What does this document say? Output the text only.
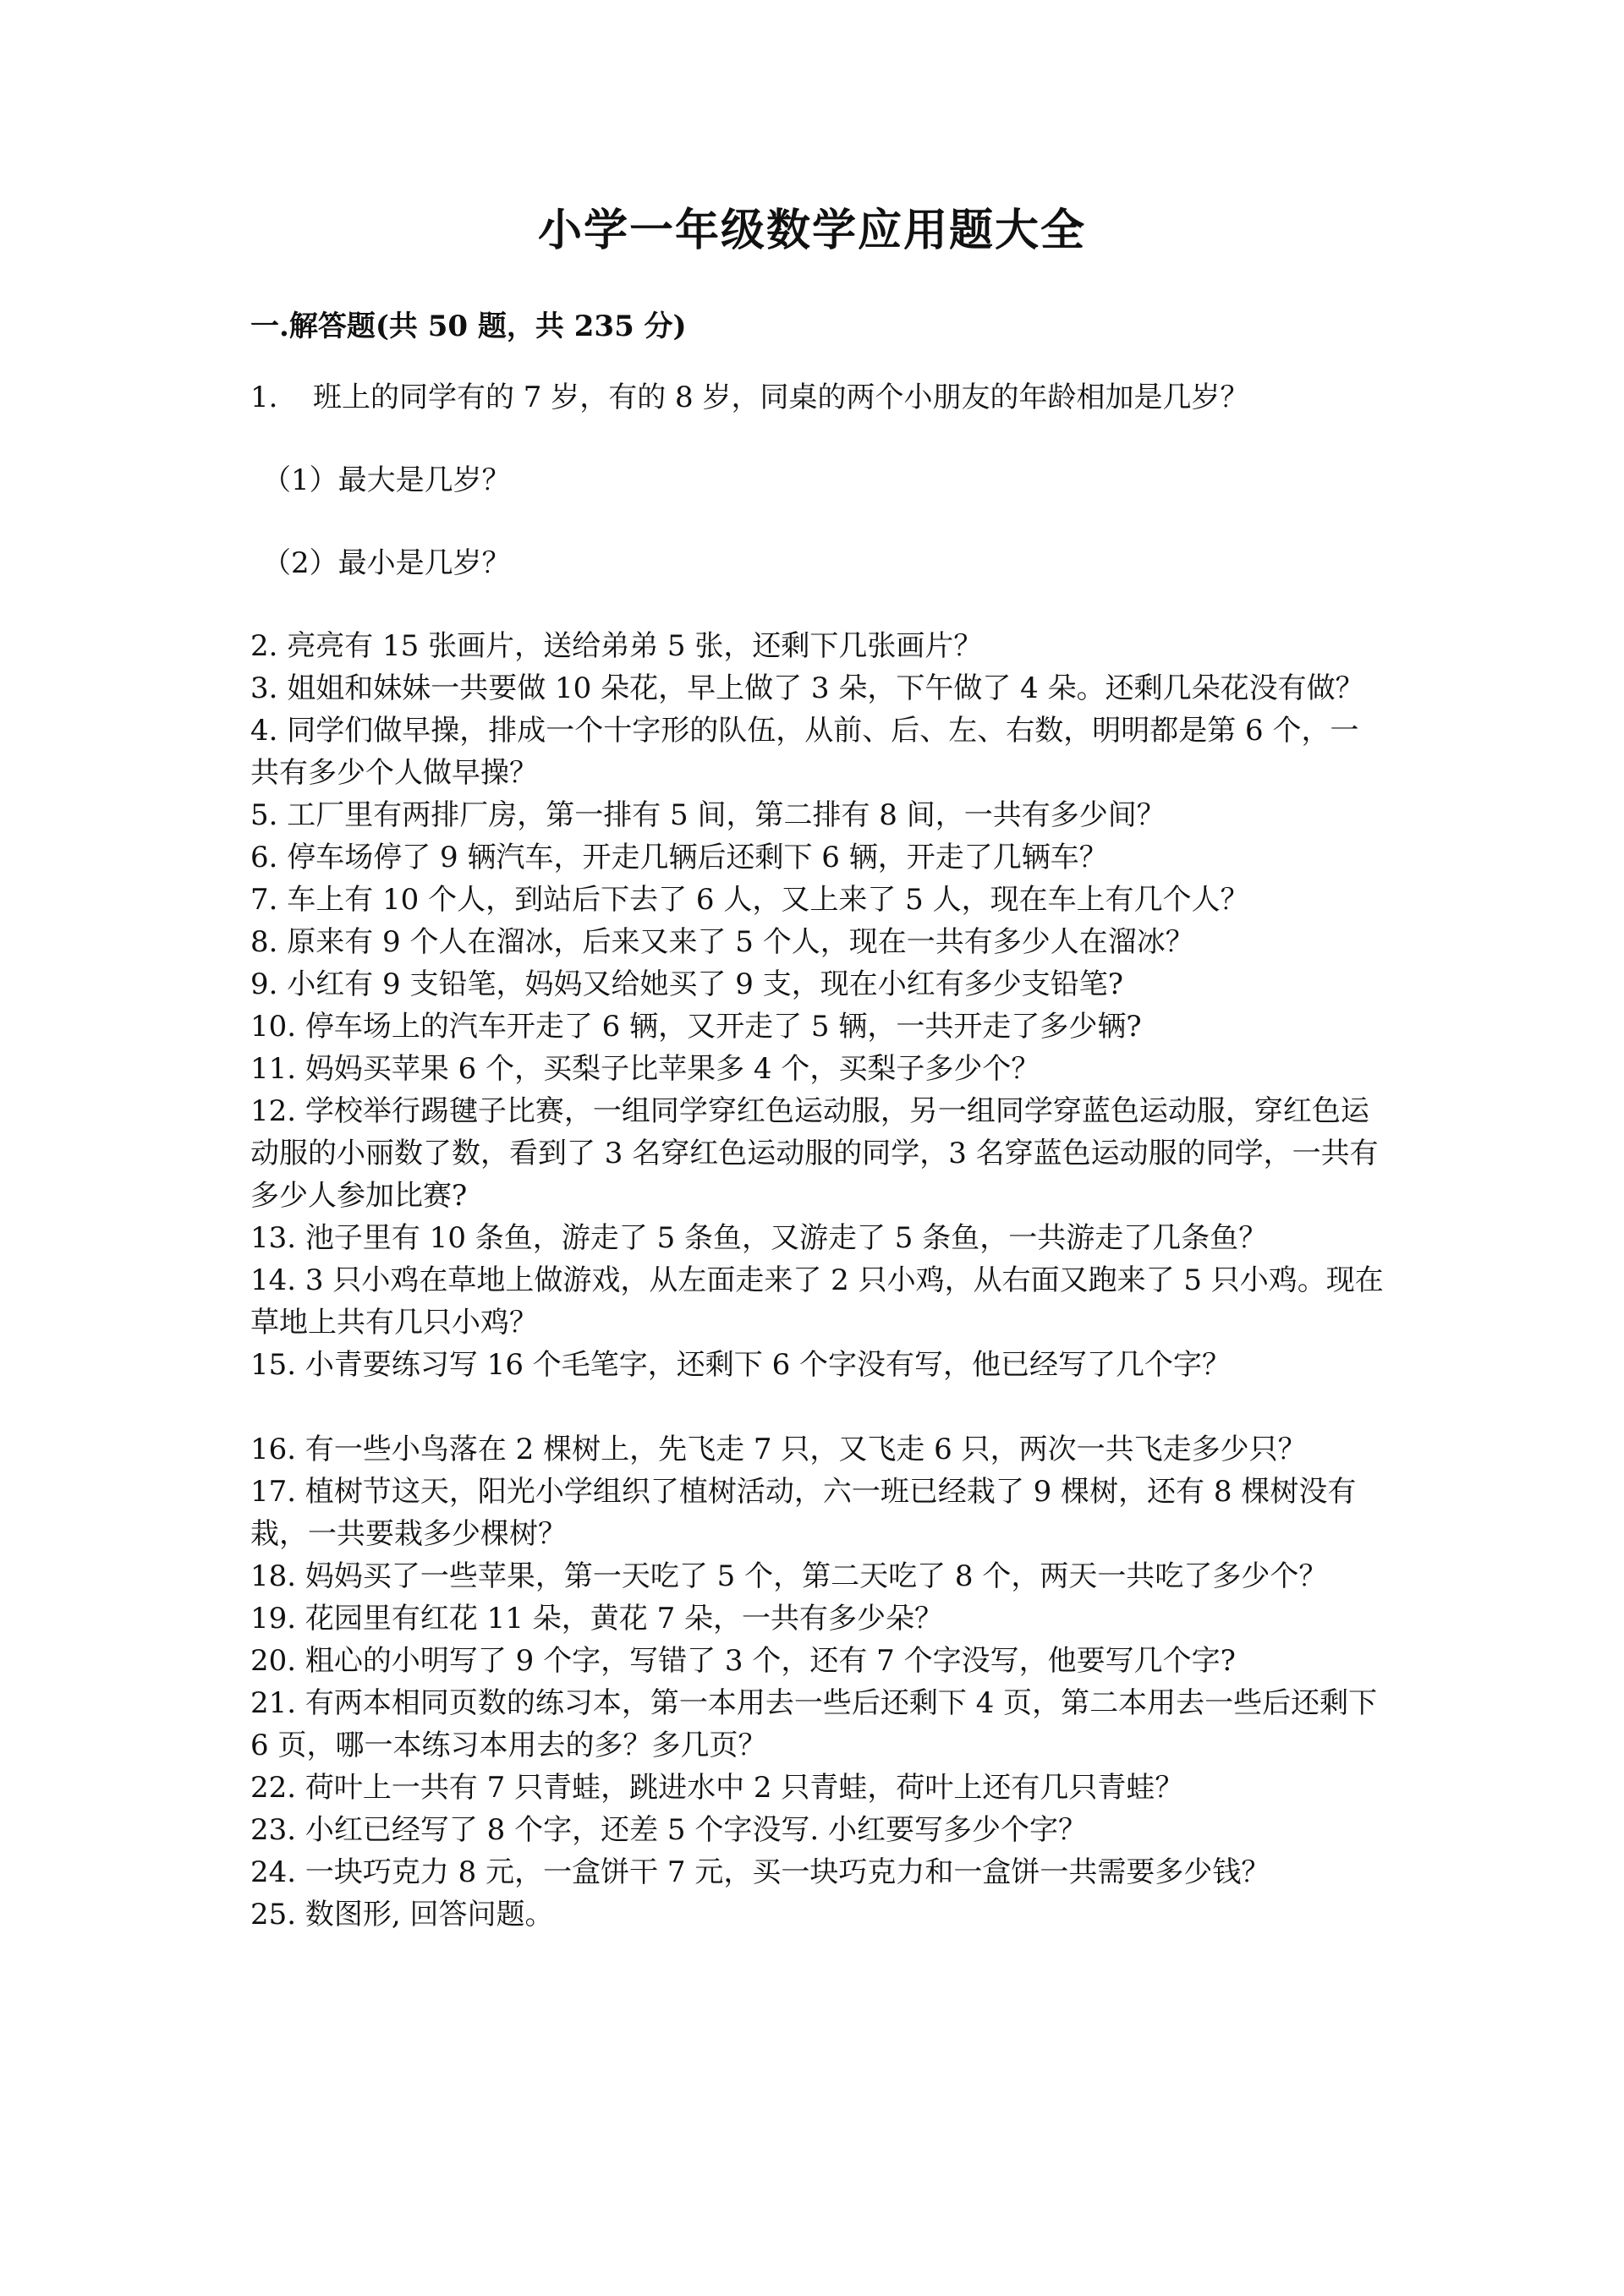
小学一年级数学应用题大全
一.解答题(共 50 题，共 235 分)
1.	班上的同学有的 7 岁，有的 8 岁，同桌的两个小朋友的年龄相加是几岁？
（1）最大是几岁？
（2）最小是几岁？
2. 亮亮有 15 张画片，送给弟弟 5 张，还剩下几张画片？
3. 姐姐和妹妹一共要做 10 朵花，早上做了 3 朵，下午做了 4 朵。还剩几朵花没有做？
4. 同学们做早操，排成一个十字形的队伍，从前、后、左、右数，明明都是第 6 个，一共有多少个人做早操？
5. 工厂里有两排厂房，第一排有 5 间，第二排有 8 间，一共有多少间？
6. 停车场停了 9 辆汽车，开走几辆后还剩下 6 辆，开走了几辆车？
7. 车上有 10 个人，到站后下去了 6 人，又上来了 5 人，现在车上有几个人？
8. 原来有 9 个人在溜冰，后来又来了 5 个人，现在一共有多少人在溜冰？
9. 小红有 9 支铅笔，妈妈又给她买了 9 支，现在小红有多少支铅笔?
10. 停车场上的汽车开走了 6 辆，又开走了 5 辆，一共开走了多少辆?
11. 妈妈买苹果 6 个，买梨子比苹果多 4 个，买梨子多少个？
12. 学校举行踢毽子比赛，一组同学穿红色运动服，另一组同学穿蓝色运动服，穿红色运动服的小丽数了数，看到了 3 名穿红色运动服的同学，3 名穿蓝色运动服的同学，一共有多少人参加比赛?
13. 池子里有 10 条鱼，游走了 5 条鱼，又游走了 5 条鱼，一共游走了几条鱼？
14. 3 只小鸡在草地上做游戏，从左面走来了 2 只小鸡，从右面又跑来了 5 只小鸡。现在草地上共有几只小鸡？
15. 小青要练习写 16 个毛笔字，还剩下 6 个字没有写，他已经写了几个字？
16. 有一些小鸟落在 2 棵树上，先飞走 7 只，又飞走 6 只，两次一共飞走多少只？
17. 植树节这天，阳光小学组织了植树活动，六一班已经栽了 9 棵树，还有 8 棵树没有栽，一共要栽多少棵树？
18. 妈妈买了一些苹果，第一天吃了 5 个，第二天吃了 8 个，两天一共吃了多少个？
19. 花园里有红花 11 朵，黄花 7 朵，一共有多少朵？
20. 粗心的小明写了 9 个字，写错了 3 个，还有 7 个字没写，他要写几个字?
21. 有两本相同页数的练习本，第一本用去一些后还剩下 4 页，第二本用去一些后还剩下 6 页，哪一本练习本用去的多？多几页？
22. 荷叶上一共有 7 只青蛙，跳进水中 2 只青蛙，荷叶上还有几只青蛙？
23. 小红已经写了 8 个字，还差 5 个字没写. 小红要写多少个字？
24. 一块巧克力 8 元，一盒饼干 7 元，买一块巧克力和一盒饼一共需要多少钱？
25. 数图形, 回答问题。
